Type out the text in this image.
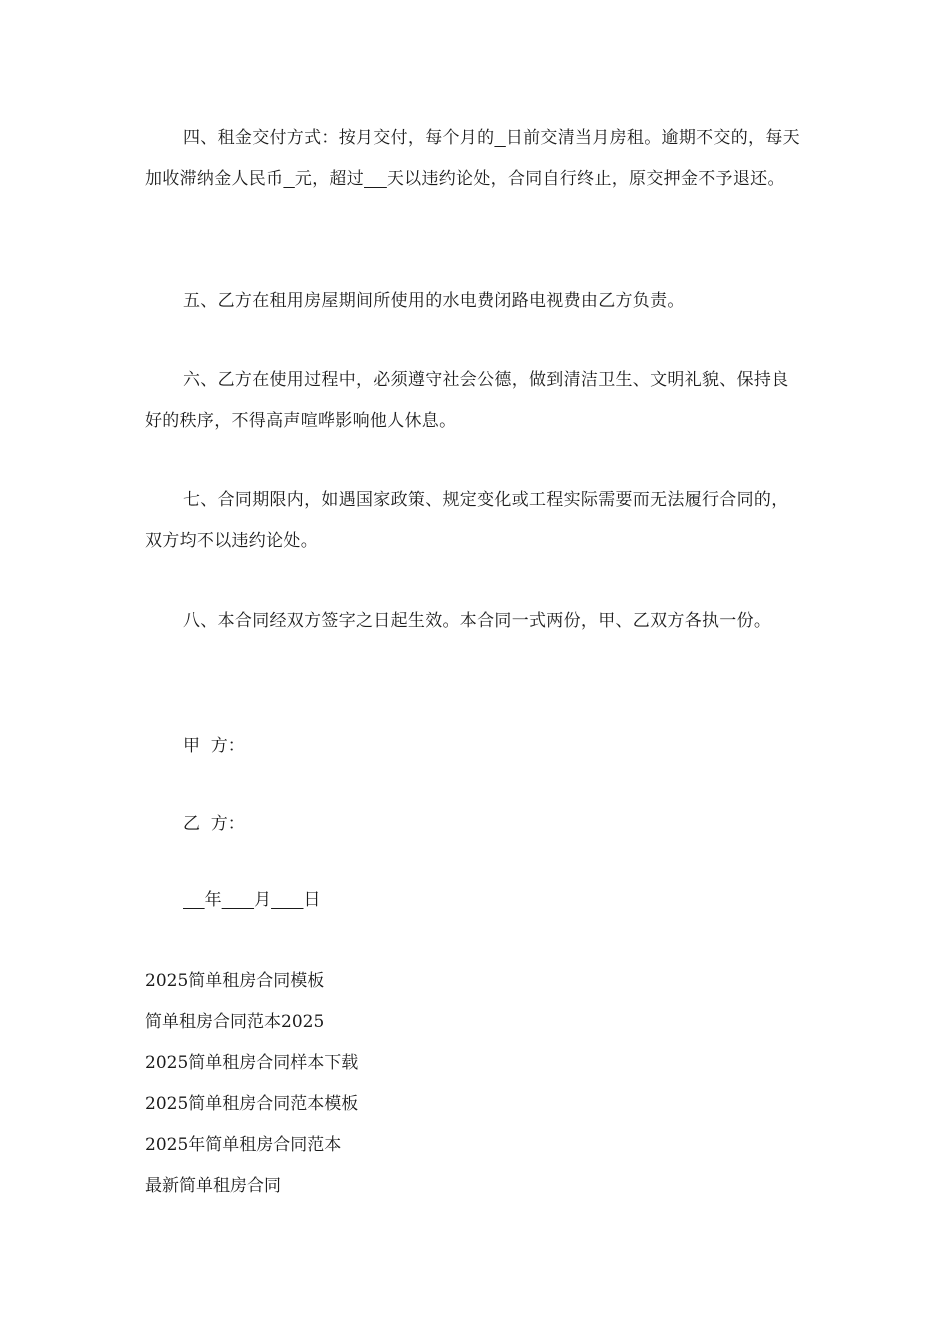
四、租金交付方式：按月交付，每个月的 日前交清当月房租。逾期不交的，每天加收滞纳金人民币 元，超过 天以违约论处，合同自行终止，原交押金不予退还。

五、乙方在租用房屋期间所使用的水电费闭路电视费由乙方负责。

六、乙方在使用过程中，必须遵守社会公德，做到清洁卫生、文明礼貌、保持良好的秩序，不得高声喧哗影响他人休息。

七、合同期限内，如遇国家政策、规定变化或工程实际需要而无法履行合同的，双方均不以违约论处。

八、本合同经双方签字之日起生效。本合同一式两份，甲、乙双方各执一份。

甲  方：

乙  方：

年 月 日

2025简单租房合同模板
简单租房合同范本2025
2025简单租房合同样本下载
2025简单租房合同范本模板
2025年简单租房合同范本
最新简单租房合同
